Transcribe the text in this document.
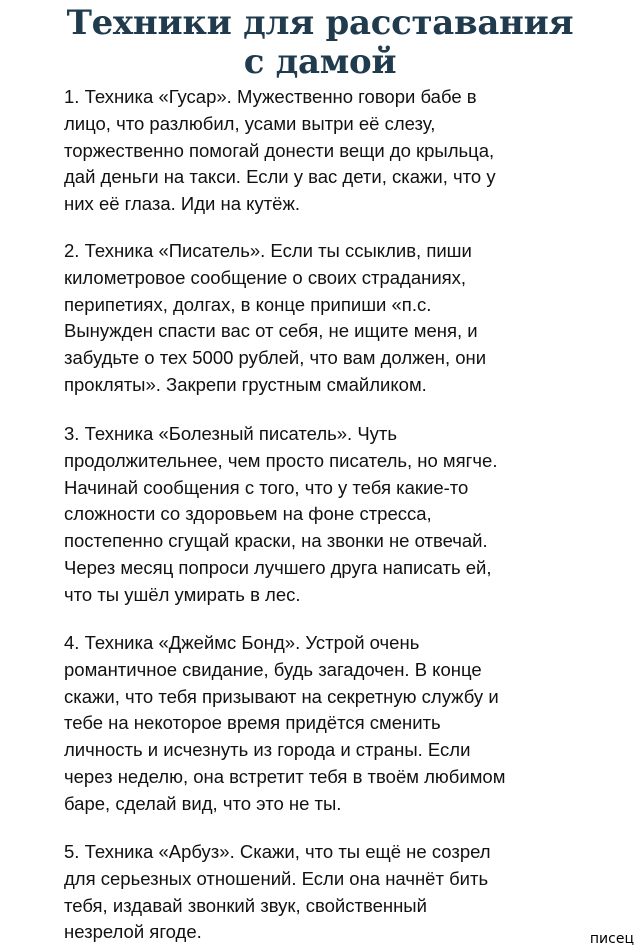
Техники для расставания
с дамой
1. Техника «Гусар». Мужественно говори бабе в
лицо, что разлюбил, усами вытри её слезу,
торжественно помогай донести вещи до крыльца,
дай деньги на такси. Если у вас дети, скажи, что у
них её глаза. Иди на кутёж.
2. Техника «Писатель». Если ты ссыклив, пиши
километровое сообщение о своих страданиях,
перипетиях, долгах, в конце припиши «п.с.
Вынужден спасти вас от себя, не ищите меня, и
забудьте о тех 5000 рублей, что вам должен, они
прокляты». Закрепи грустным смайликом.
3. Техника «Болезный писатель». Чуть
продолжительнее, чем просто писатель, но мягче.
Начинай сообщения с того, что у тебя какие-то
сложности со здоровьем на фоне стресса,
постепенно сгущай краски, на звонки не отвечай.
Через месяц попроси лучшего друга написать ей,
что ты ушёл умирать в лес.
4. Техника «Джеймс Бонд». Устрой очень
романтичное свидание, будь загадочен. В конце
скажи, что тебя призывают на секретную службу и
тебе на некоторое время придётся сменить
личность и исчезнуть из города и страны. Если
через неделю, она встретит тебя в твоём любимом
баре, сделай вид, что это не ты.
5. Техника «Арбуз». Скажи, что ты ещё не созрел
для серьезных отношений. Если она начнёт бить
тебя, издавай звонкий звук, свойственный
незрелой ягоде.	писец
